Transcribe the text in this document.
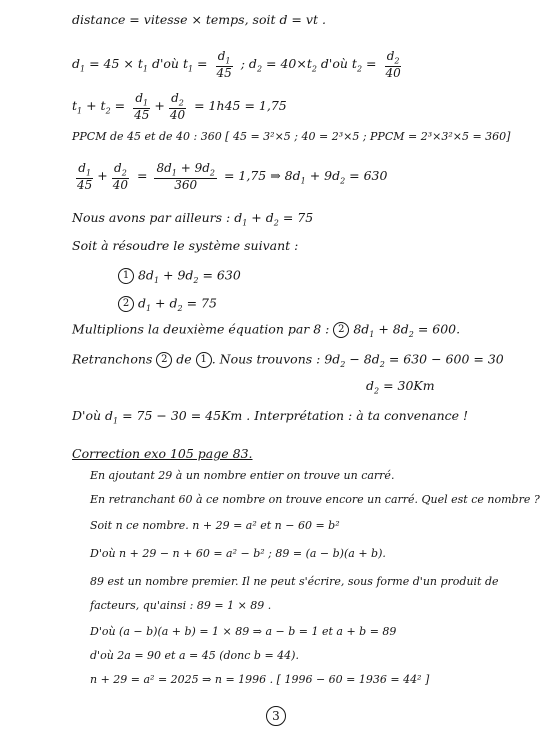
distance = vitesse × temps, soit d = vt .
$d_1 = 45 \times t_1$ d'où $t_1 = \frac{d_1}{45}$ ; $d_2 = 40\times t_2$ d'où $t_2 = \frac{d_2}{40}$
$t_1 + t_2 = \frac{d_1}{45} + \frac{d_2}{40} = 1h45 = 1,75$
PPCM de 45 et de 40 : 360 [ 45 = 3²×5 ; 40 = 2³×5 ; PPCM = 2³×3²×5 = 360]
$\frac{d_1}{45} + \frac{d_2}{40} = \frac{8d_1 + 9d_2}{360} = 1,75$ ⇒ $8d_1 + 9d_2 = 630$
Nous avons par ailleurs : $d_1 + d_2 = 75$
Soit à résoudre le système suivant :
1 $8d_1 + 9d_2 = 630$
2 $d_1 + d_2 = 75$
Multiplions la deuxième équation par 8 : 2 $8d_1 + 8d_2 = 600$.
Retranchons 2 de 1 . Nous trouvons : $9d_2 - 8d_2 = 630 - 600 = 30$
$d_2 = 30Km$
D'où $d_1 = 75 - 30 = 45Km$ . Interprétation : à ta convenance !
Correction exo 105 page 83.
En ajoutant 29 à un nombre entier on trouve un carré.
En retranchant 60 à ce nombre on trouve encore un carré. Quel est ce nombre ?
Soit n ce nombre. n + 29 = a² et n − 60 = b²
D'où n + 29 − n + 60 = a² − b² ; 89 = (a − b)(a + b).
89 est un nombre premier. Il ne peut s'écrire, sous forme d'un produit de
facteurs, qu'ainsi : 89 = 1 × 89 .
D'où (a − b)(a + b) = 1 × 89 ⇒ a − b = 1 et a + b = 89
d'où 2a = 90 et a = 45 (donc b = 44).
n + 29 = a² = 2025 ⇒ n = 1996 . [ 1996 − 60 = 1936 = 44² ]
3
